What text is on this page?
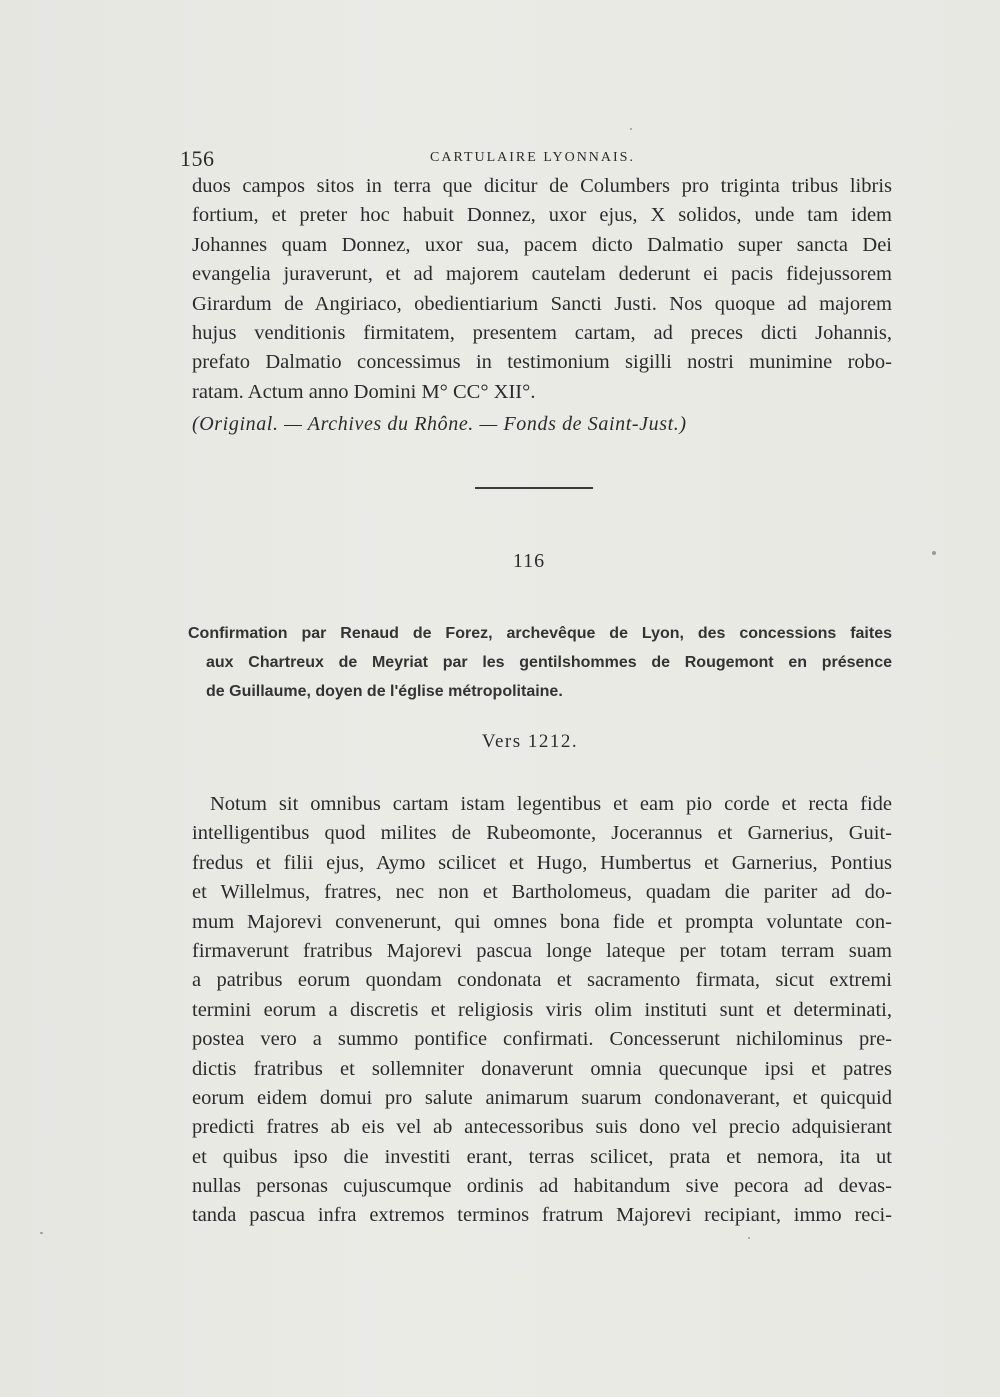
156	CARTULAIRE LYONNAIS.
duos campos sitos in terra que dicitur de Columbers pro triginta tribus libris
fortium, et preter hoc habuit Donnez, uxor ejus, X solidos, unde tam idem
Johannes quam Donnez, uxor sua, pacem dicto Dalmatio super sancta Dei
evangelia juraverunt, et ad majorem cautelam dederunt ei pacis fidejussorem
Girardum de Angiriaco, obedientiarium Sancti Justi. Nos quoque ad majorem
hujus venditionis firmitatem, presentem cartam, ad preces dicti Johannis,
prefato Dalmatio concessimus in testimonium sigilli nostri munimine robo-
ratam. Actum anno Domini M° CC° XII°.
(Original. — Archives du Rhône. — Fonds de Saint-Just.)
116
Confirmation par Renaud de Forez, archevêque de Lyon, des concessions faites
aux Chartreux de Meyriat par les gentilshommes de Rougemont en présence
de Guillaume, doyen de l'église métropolitaine.
Vers 1212.
Notum sit omnibus cartam istam legentibus et eam pio corde et recta fide
intelligentibus quod milites de Rubeomonte, Jocerannus et Garnerius, Guit-
fredus et filii ejus, Aymo scilicet et Hugo, Humbertus et Garnerius, Pontius
et Willelmus, fratres, nec non et Bartholomeus, quadam die pariter ad do-
mum Majorevi convenerunt, qui omnes bona fide et prompta voluntate con-
firmaverunt fratribus Majorevi pascua longe lateque per totam terram suam
a patribus eorum quondam condonata et sacramento firmata, sicut extremi
termini eorum a discretis et religiosis viris olim instituti sunt et determinati,
postea vero a summo pontifice confirmati. Concesserunt nichilominus pre-
dictis fratribus et sollemniter donaverunt omnia quecunque ipsi et patres
eorum eidem domui pro salute animarum suarum condonaverant, et quicquid
predicti fratres ab eis vel ab antecessoribus suis dono vel precio adquisierant
et quibus ipso die investiti erant, terras scilicet, prata et nemora, ita ut
nullas personas cujuscumque ordinis ad habitandum sive pecora ad devas-
tanda pascua infra extremos terminos fratrum Majorevi recipiant, immo reci-
